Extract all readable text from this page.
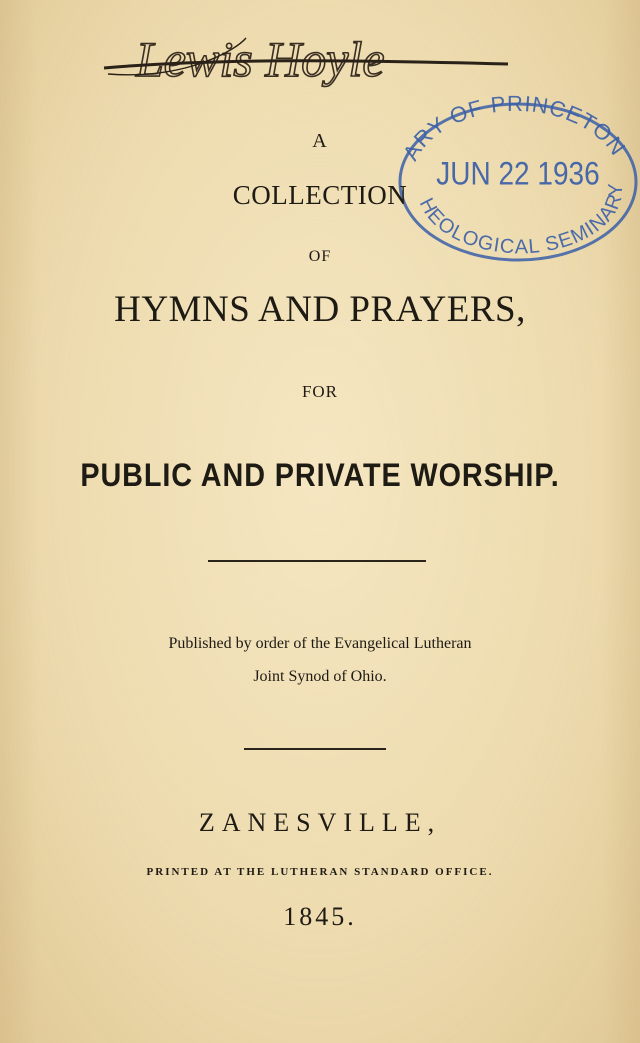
Lewis Hoyle
ARY OF PRINCETON
JUN 22 1936
HEOLOGICAL SEMINARY
A
COLLECTION
OF
HYMNS AND PRAYERS,
FOR
PUBLIC AND PRIVATE WORSHIP.
Published by order of the Evangelical Lutheran
Joint Synod of Ohio.
ZANESVILLE,
PRINTED AT THE LUTHERAN STANDARD OFFICE.
1845.
